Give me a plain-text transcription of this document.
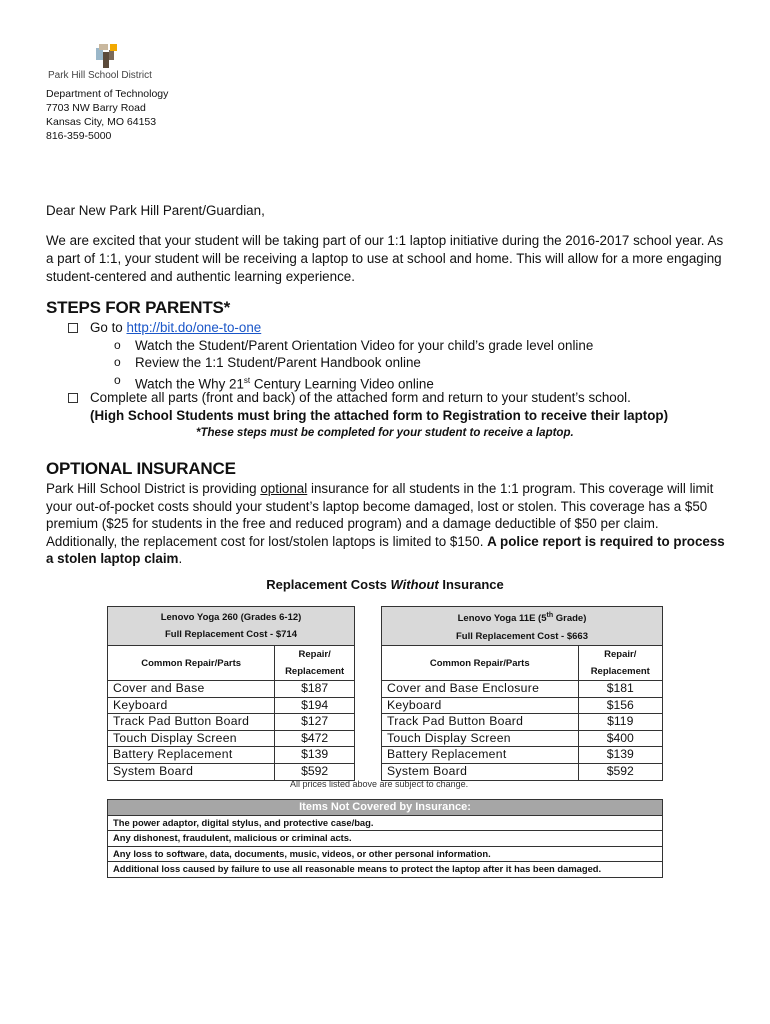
Park Hill School District
Department of Technology
7703 NW Barry Road
Kansas City, MO 64153
816-359-5000
Dear New Park Hill Parent/Guardian,
We are excited that your student will be taking part of our 1:1 laptop initiative during the 2016-2017 school year. As a part of 1:1, your student will be receiving a laptop to use at school and home. This will allow for a more engaging student-centered and authentic learning experience.
STEPS FOR PARENTS*
Go to http://bit.do/one-to-one
o Watch the Student/Parent Orientation Video for your child’s grade level online
o Review the 1:1 Student/Parent Handbook online
o Watch the Why 21st Century Learning Video online
Complete all parts (front and back) of the attached form and return to your student’s school.
(High School Students must bring the attached form to Registration to receive their laptop)
*These steps must be completed for your student to receive a laptop.
OPTIONAL INSURANCE
Park Hill School District is providing optional insurance for all students in the 1:1 program. This coverage will limit your out-of-pocket costs should your student’s laptop become damaged, lost or stolen. This coverage has a $50 premium ($25 for students in the free and reduced program) and a damage deductible of $50 per claim. Additionally, the replacement cost for lost/stolen laptops is limited to $150. A police report is required to process a stolen laptop claim.
Replacement Costs Without Insurance
Lenovo Yoga 260 (Grades 6-12)
Full Replacement Cost - $714	

Common Repair/Parts	Repair/
Replacement

Cover and Base	$187
Keyboard	$194
Track Pad Button Board	$127
Touch Display Screen	$472
Battery Replacement	$139
System Board	$592
Lenovo Yoga 11E (5th Grade)
Full Replacement Cost - $663	

Common Repair/Parts	Repair/
Replacement

Cover and Base Enclosure	$181
Keyboard	$156
Track Pad Button Board	$119
Touch Display Screen	$400
Battery Replacement	$139
System Board	$592
All prices listed above are subject to change.
Items Not Covered by Insurance:
The power adaptor, digital stylus, and protective case/bag.
Any dishonest, fraudulent, malicious or criminal acts.
Any loss to software, data, documents, music, videos, or other personal information.
Additional loss caused by failure to use all reasonable means to protect the laptop after it has been damaged.
